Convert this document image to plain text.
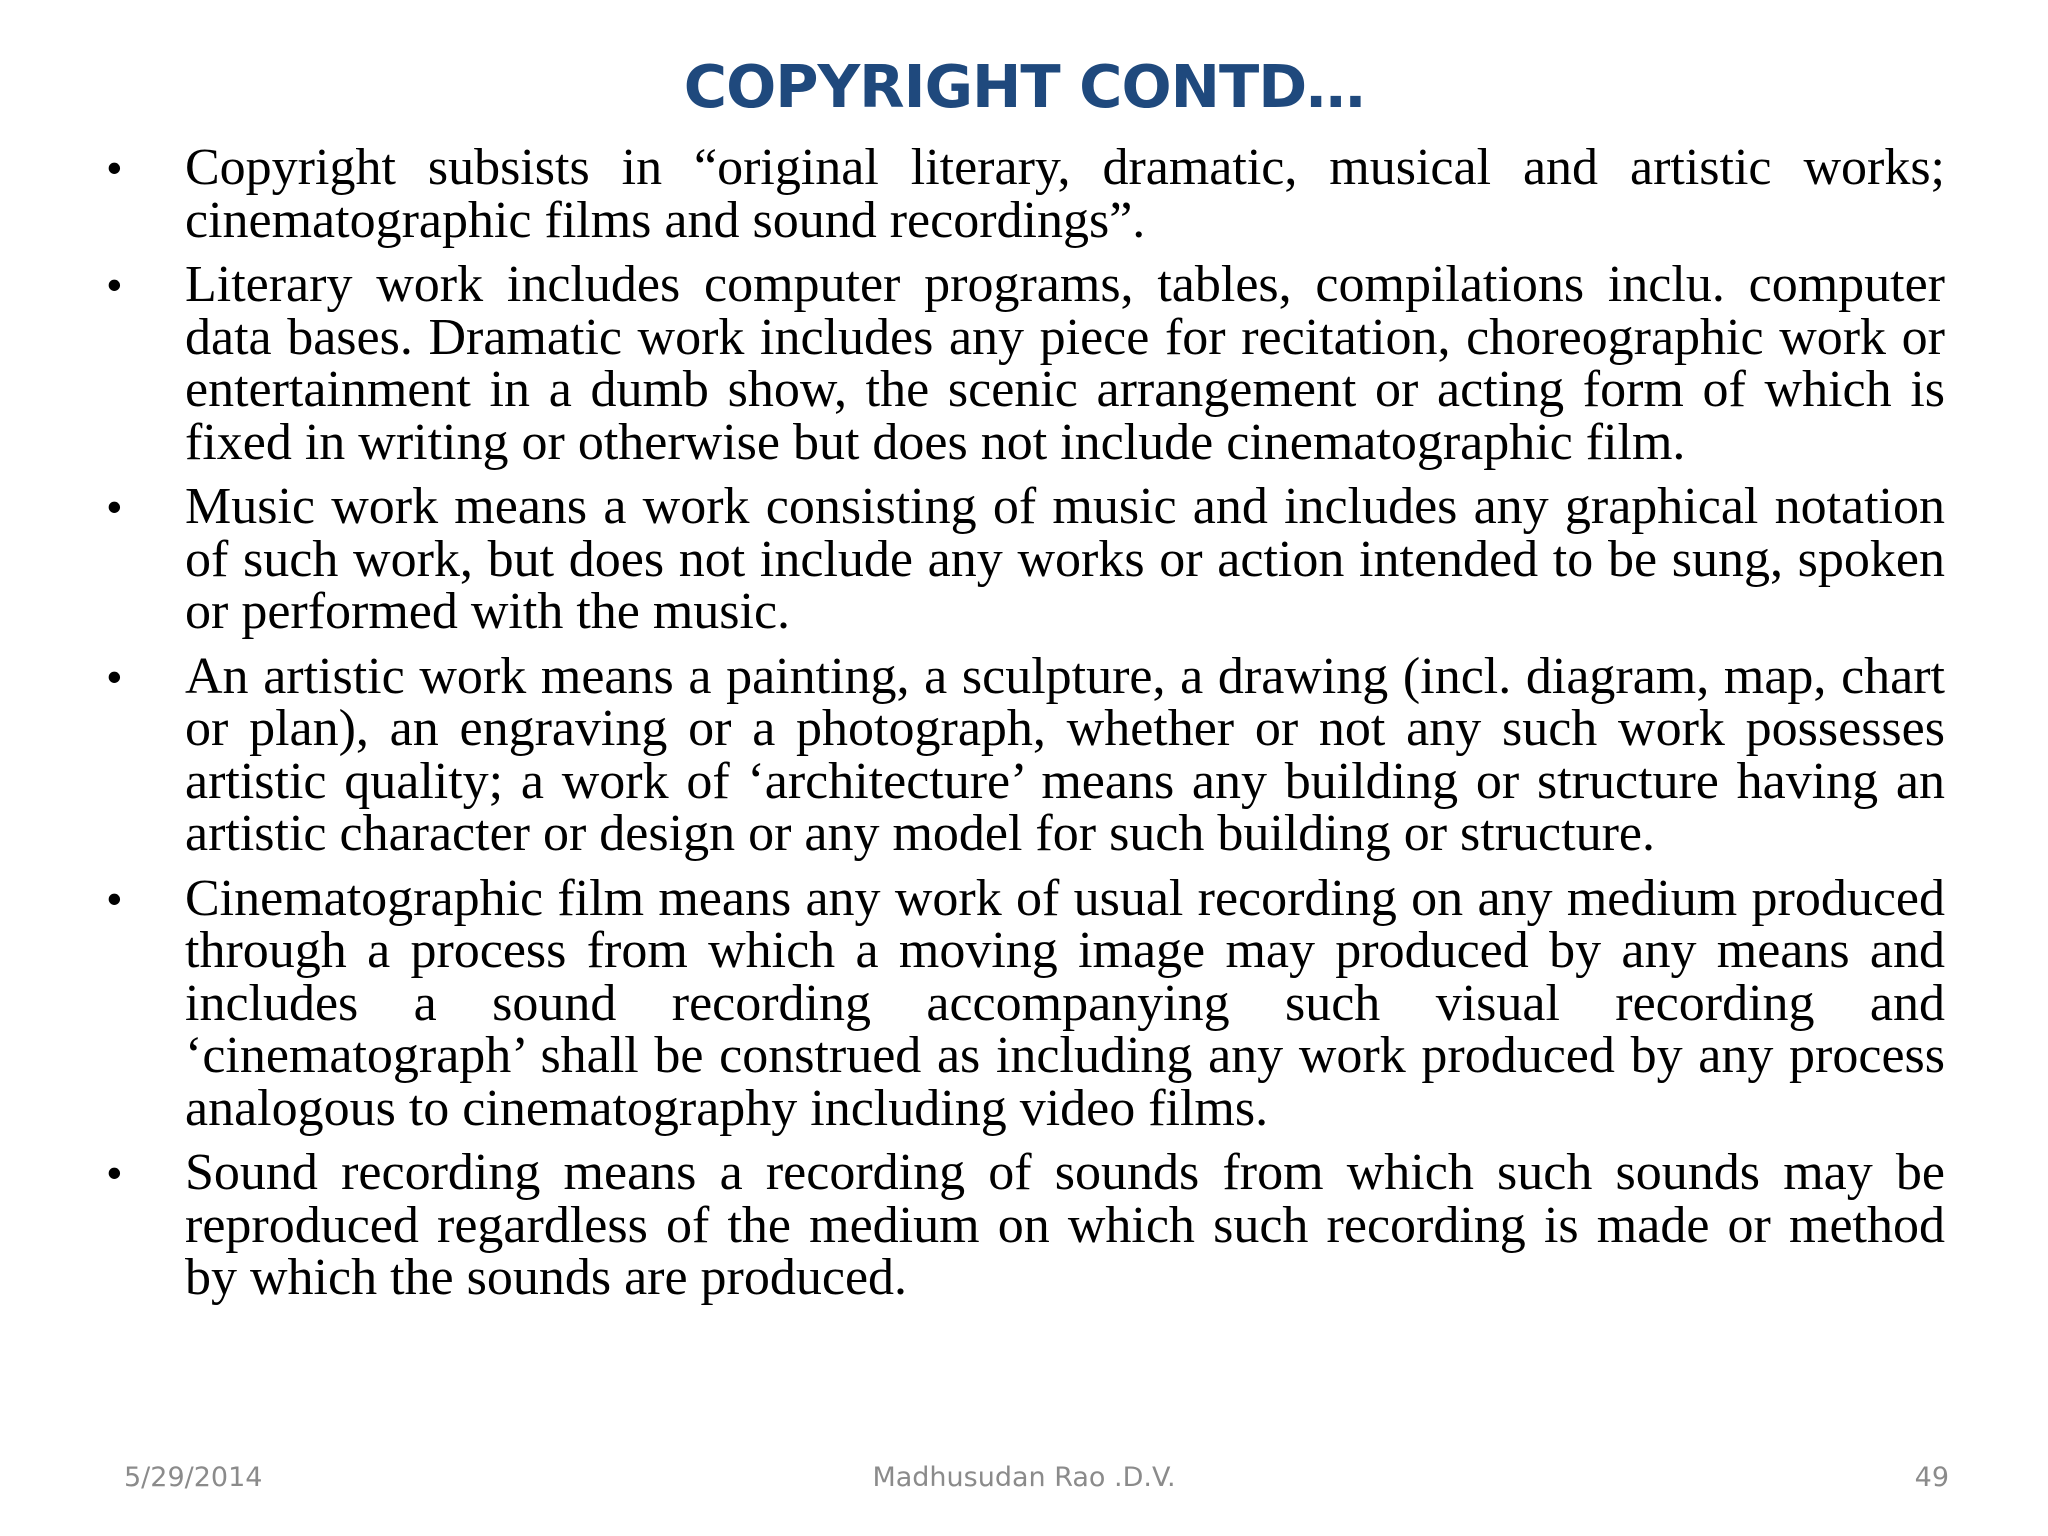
COPYRIGHT CONTD…
• Copyright subsists in “original literary, dramatic, musical and artistic works; cinematographic films and sound recordings”.
• Literary work includes computer programs, tables, compilations inclu. computer data bases. Dramatic work includes any piece for recitation, choreographic work or entertainment in a dumb show, the scenic arrangement or acting form of which is fixed in writing or otherwise but does not include cinematographic film.
• Music work means a work consisting of music and includes any graphical notation of such work, but does not include any works or action intended to be sung, spoken or performed with the music.
• An artistic work means a painting, a sculpture, a drawing (incl. diagram, map, chart or plan), an engraving or a photograph, whether or not any such work possesses artistic quality; a work of ‘architecture’ means any building or structure having an artistic character or design or any model for such building or structure.
• Cinematographic film means any work of usual recording on any medium produced through a process from which a moving image may produced by any means and includes a sound recording accompanying such visual recording and ‘cinematograph’ shall be construed as including any work produced by any process analogous to cinematography including video films.
• Sound recording means a recording of sounds from which such sounds may be reproduced regardless of the medium on which such recording is made or method by which the sounds are produced.
5/29/2014	Madhusudan Rao .D.V.	49
